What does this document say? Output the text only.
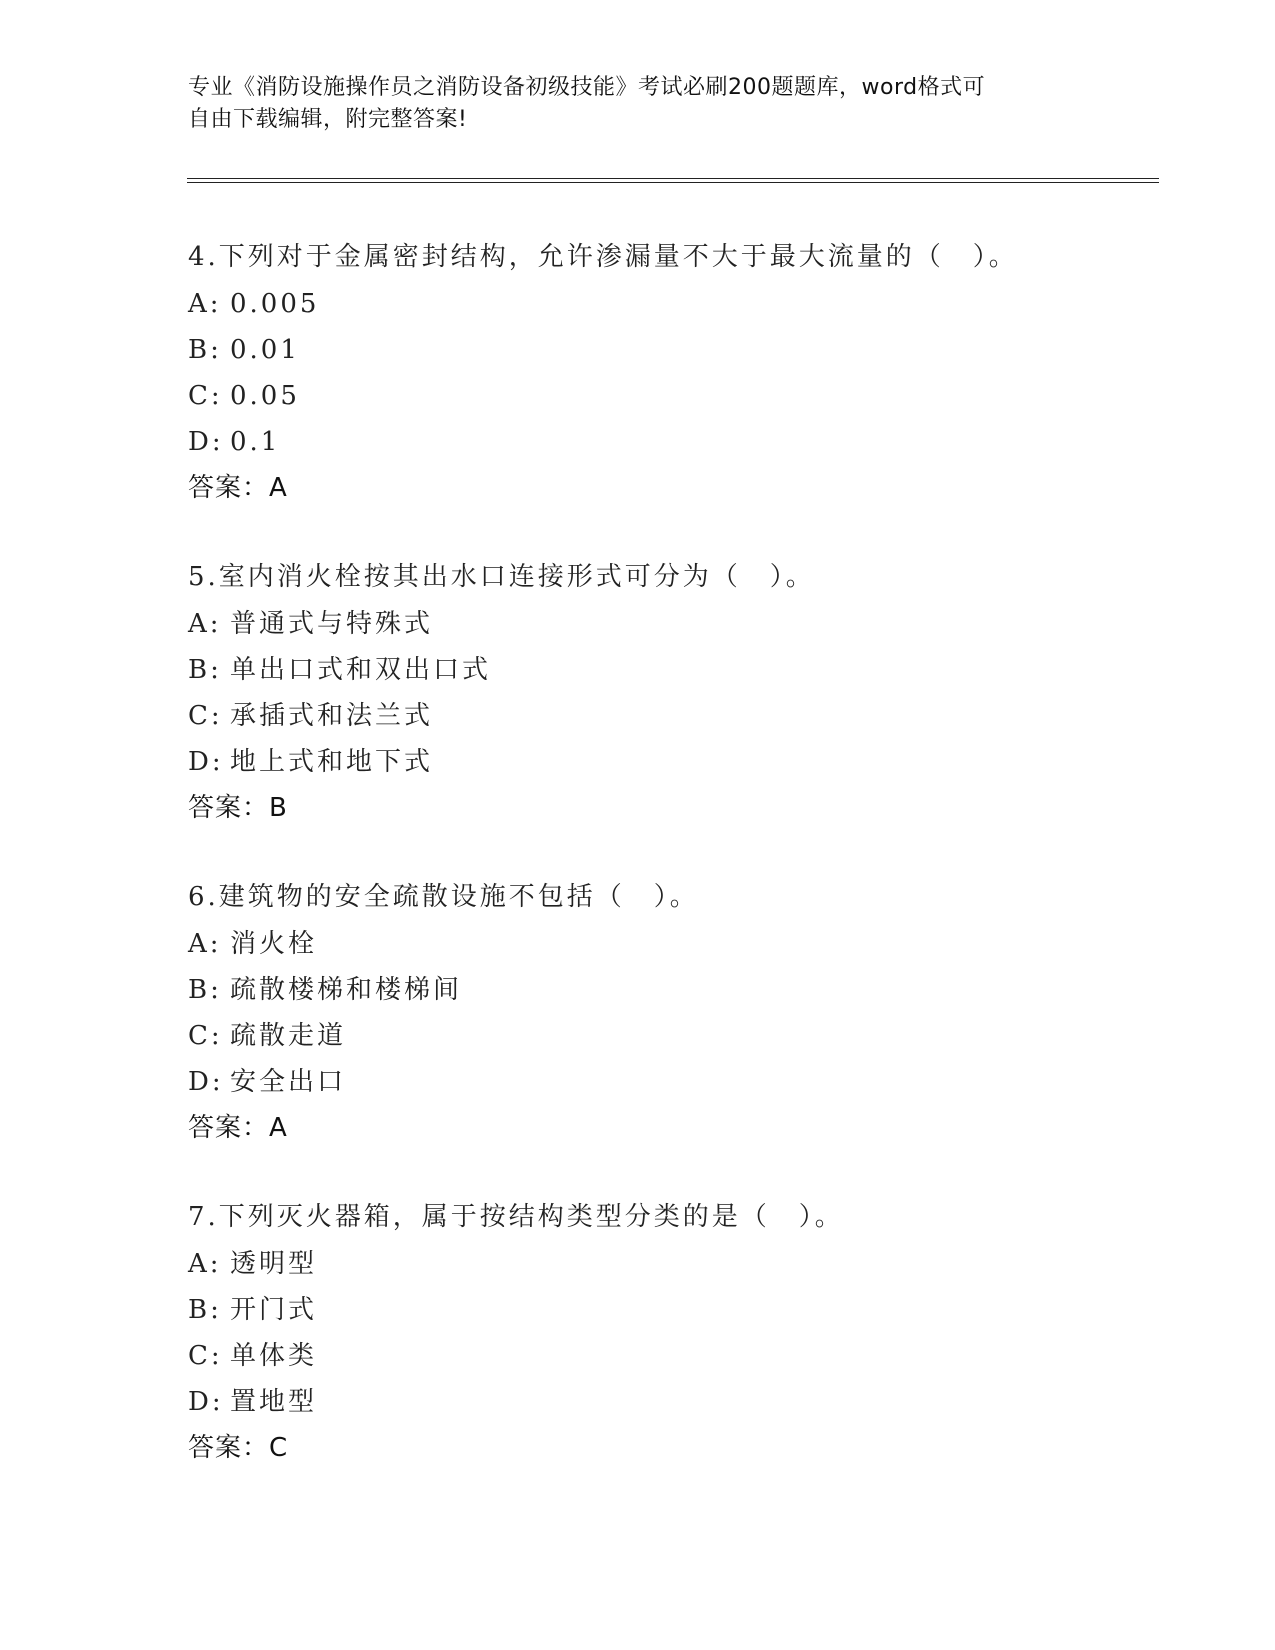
专业《消防设施操作员之消防设备初级技能》考试必刷200题题库，word格式可
自由下载编辑，附完整答案!
4.下列对于金属密封结构，允许渗漏量不大于最大流量的（　）。
A: 0.005
B: 0.01
C: 0.05
D: 0.1
答案：A
5.室内消火栓按其出水口连接形式可分为（　）。
A: 普通式与特殊式
B: 单出口式和双出口式
C: 承插式和法兰式
D: 地上式和地下式
答案：B
6.建筑物的安全疏散设施不包括（　）。
A: 消火栓
B: 疏散楼梯和楼梯间
C: 疏散走道
D: 安全出口
答案：A
7.下列灭火器箱，属于按结构类型分类的是（　）。
A: 透明型
B: 开门式
C: 单体类
D: 置地型
答案：C
